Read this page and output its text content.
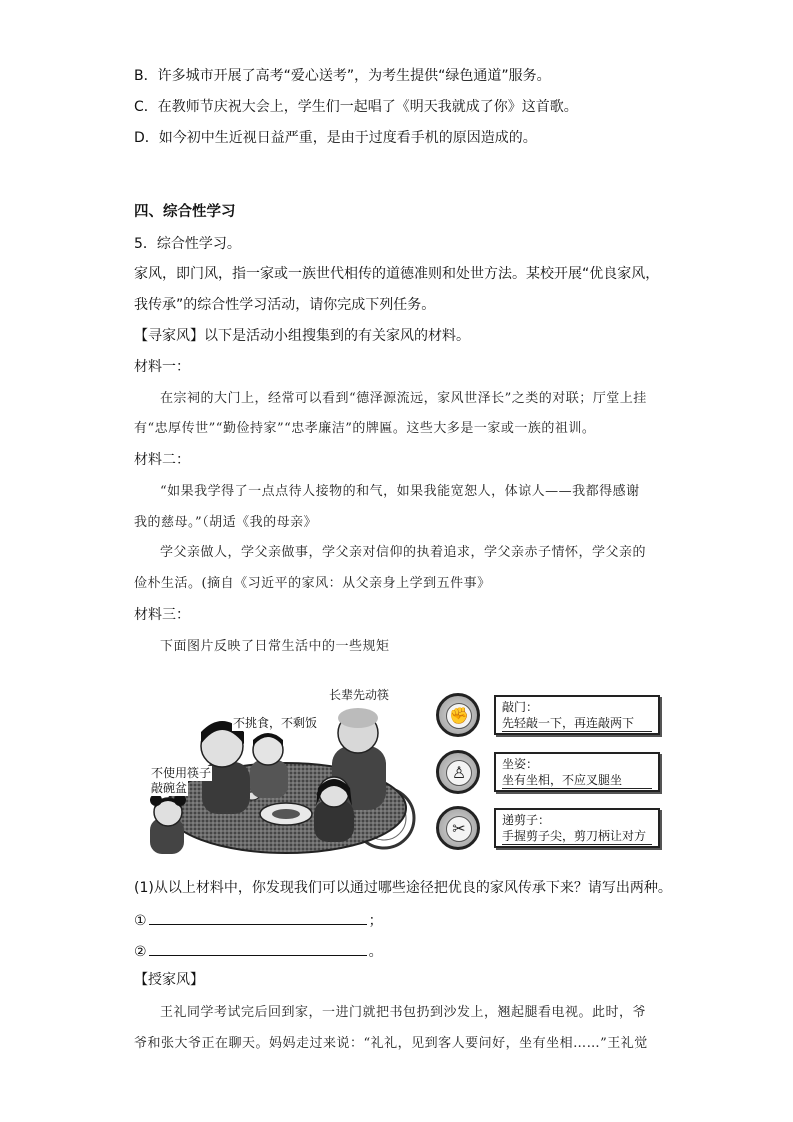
B．许多城市开展了高考“爱心送考”，为考生提供“绿色通道”服务。
C．在教师节庆祝大会上，学生们一起唱了《明天我就成了你》这首歌。
D．如今初中生近视日益严重，是由于过度看手机的原因造成的。
四、综合性学习
5．综合性学习。
家风，即门风，指一家或一族世代相传的道德准则和处世方法。某校开展“优良家风，
我传承”的综合性学习活动，请你完成下列任务。
【寻家风】以下是活动小组搜集到的有关家风的材料。
材料一：
在宗祠的大门上，经常可以看到“德泽源流远，家风世泽长”之类的对联；厅堂上挂
有“忠厚传世”“勤俭持家”“忠孝廉洁”的牌匾。这些大多是一家或一族的祖训。
材料二：
“如果我学得了一点点待人接物的和气，如果我能宽恕人，体谅人——我都得感谢
我的慈母。”（胡适《我的母亲》
学父亲做人，学父亲做事，学父亲对信仰的执着追求，学父亲赤子情怀，学父亲的
俭朴生活。(摘自《习近平的家风：从父亲身上学到五件事》
材料三：
下面图片反映了日常生活中的一些规矩
长辈先动筷
不挑食，不剩饭
不使用筷子
敲碗盆
✊	敲门：
先轻敲一下，再连敲两下
♙	坐姿：
坐有坐相，不应叉腿坐
✂	递剪子：
手握剪子尖，剪刀柄让对方
(1)从以上材料中，你发现我们可以通过哪些途径把优良的家风传承下来？请写出两种。
①	；
②	。
【授家风】
王礼同学考试完后回到家，一进门就把书包扔到沙发上，翘起腿看电视。此时，爷
爷和张大爷正在聊天。妈妈走过来说：“礼礼，见到客人要问好，坐有坐相……”王礼觉
